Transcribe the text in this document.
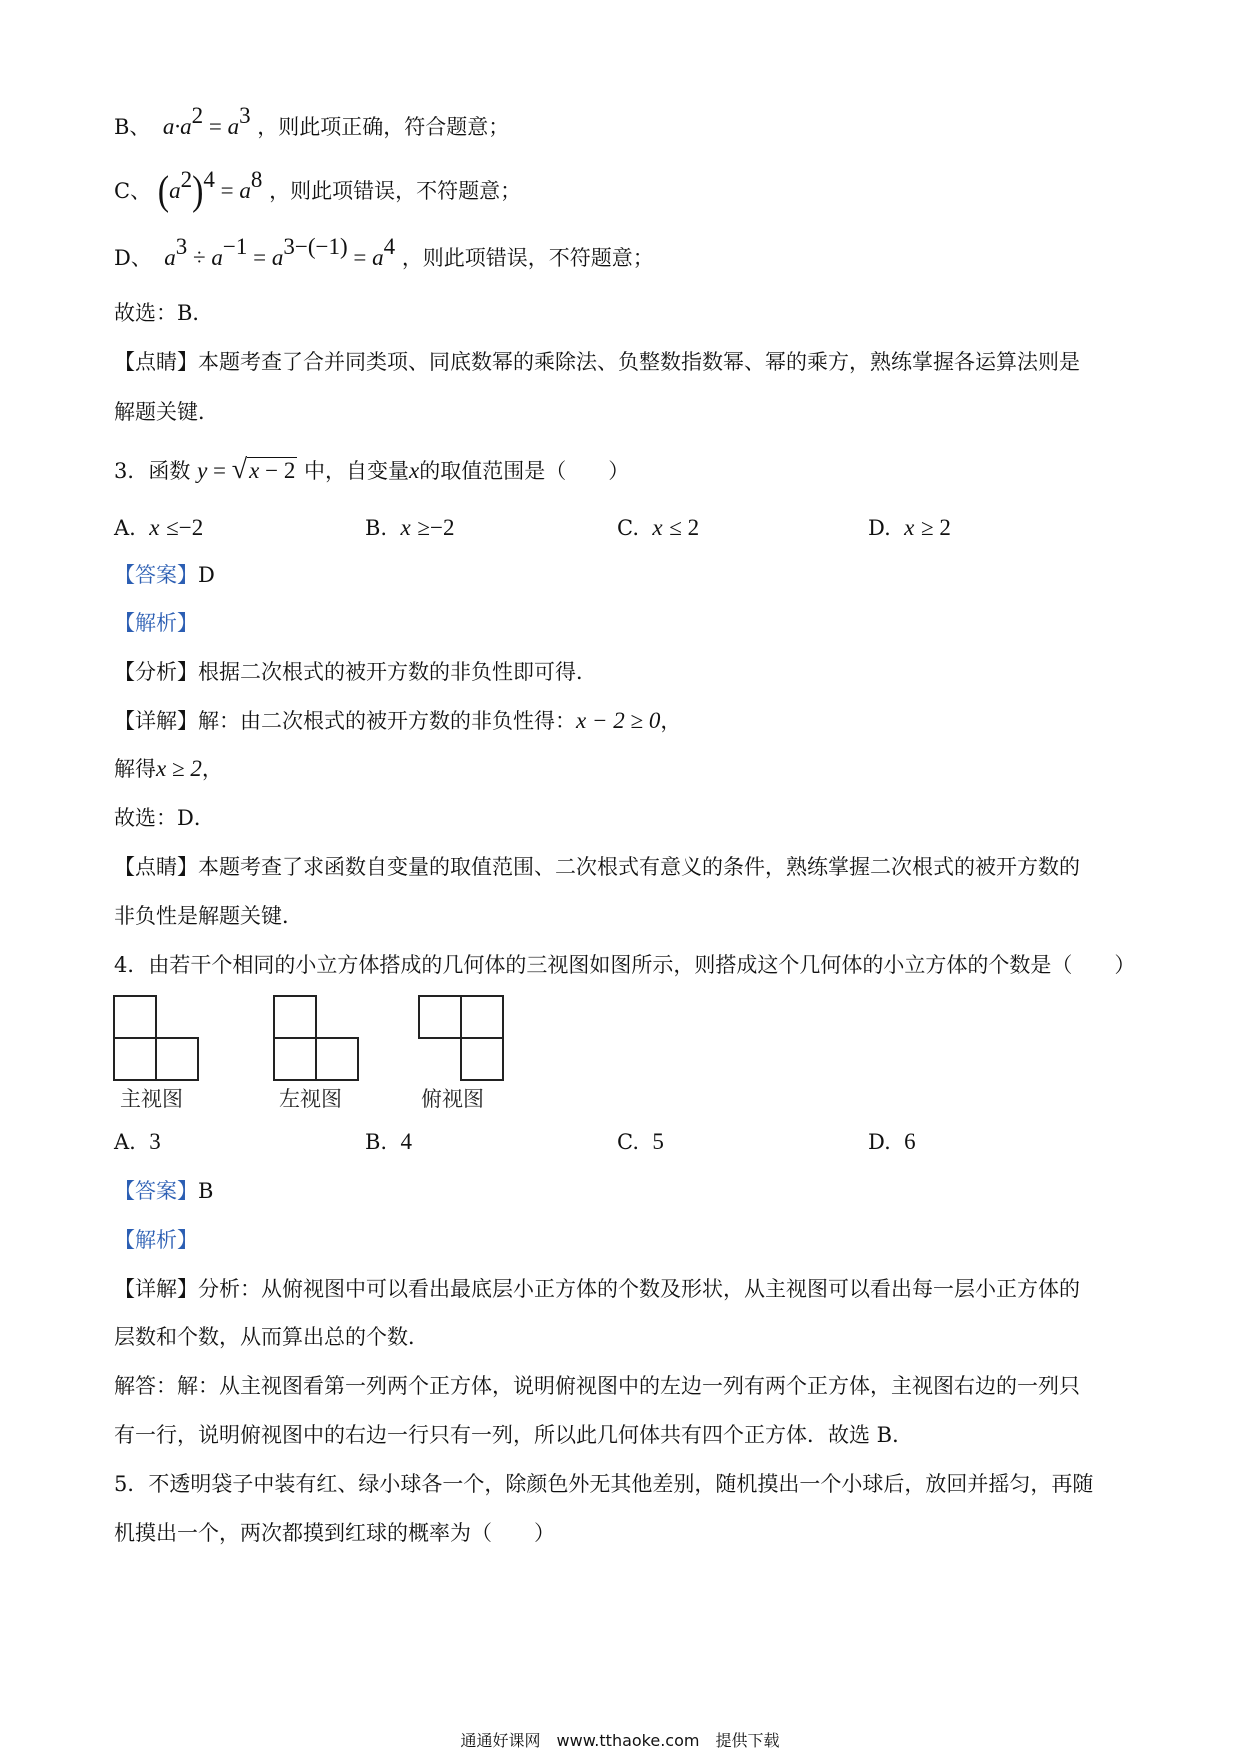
B、  $a\cdot a^2 = a^3$ ，则此项正确，符合题意；
C、 $(a^2)^4 = a^8$ ，则此项错误，不符题意；
D、  $a^3 \div a^{-1} = a^{3-(-1)} = a^4$ ，则此项错误，不符题意；
故选：B．
【点睛】本题考查了合并同类项、同底数幂的乘除法、负整数指数幂、幂的乘方，熟练掌握各运算法则是
解题关键．
3．函数 y = √x − 2 中，自变量x的取值范围是（　　）
A. x ≤−2	B. x ≥−2	C. x ≤ 2	D. x ≥ 2
【答案】D
【解析】
【分析】根据二次根式的被开方数的非负性即可得．
【详解】解：由二次根式的被开方数的非负性得：x − 2 ≥ 0，
解得x ≥ 2，
故选：D．
【点睛】本题考查了求函数自变量的取值范围、二次根式有意义的条件，熟练掌握二次根式的被开方数的
非负性是解题关键．
4．由若干个相同的小立方体搭成的几何体的三视图如图所示，则搭成这个几何体的小立方体的个数是（　　）
主视图	左视图	俯视图
A. 3	B. 4	C. 5	D. 6
【答案】B
【解析】
【详解】分析：从俯视图中可以看出最底层小正方体的个数及形状，从主视图可以看出每一层小正方体的
层数和个数，从而算出总的个数．
解答：解：从主视图看第一列两个正方体，说明俯视图中的左边一列有两个正方体，主视图右边的一列只
有一行，说明俯视图中的右边一行只有一列，所以此几何体共有四个正方体．故选 B．
5．不透明袋子中装有红、绿小球各一个，除颜色外无其他差别，随机摸出一个小球后，放回并摇匀，再随
机摸出一个，两次都摸到红球的概率为（　　）
通通好课网　www.tthaoke.com　提供下载
